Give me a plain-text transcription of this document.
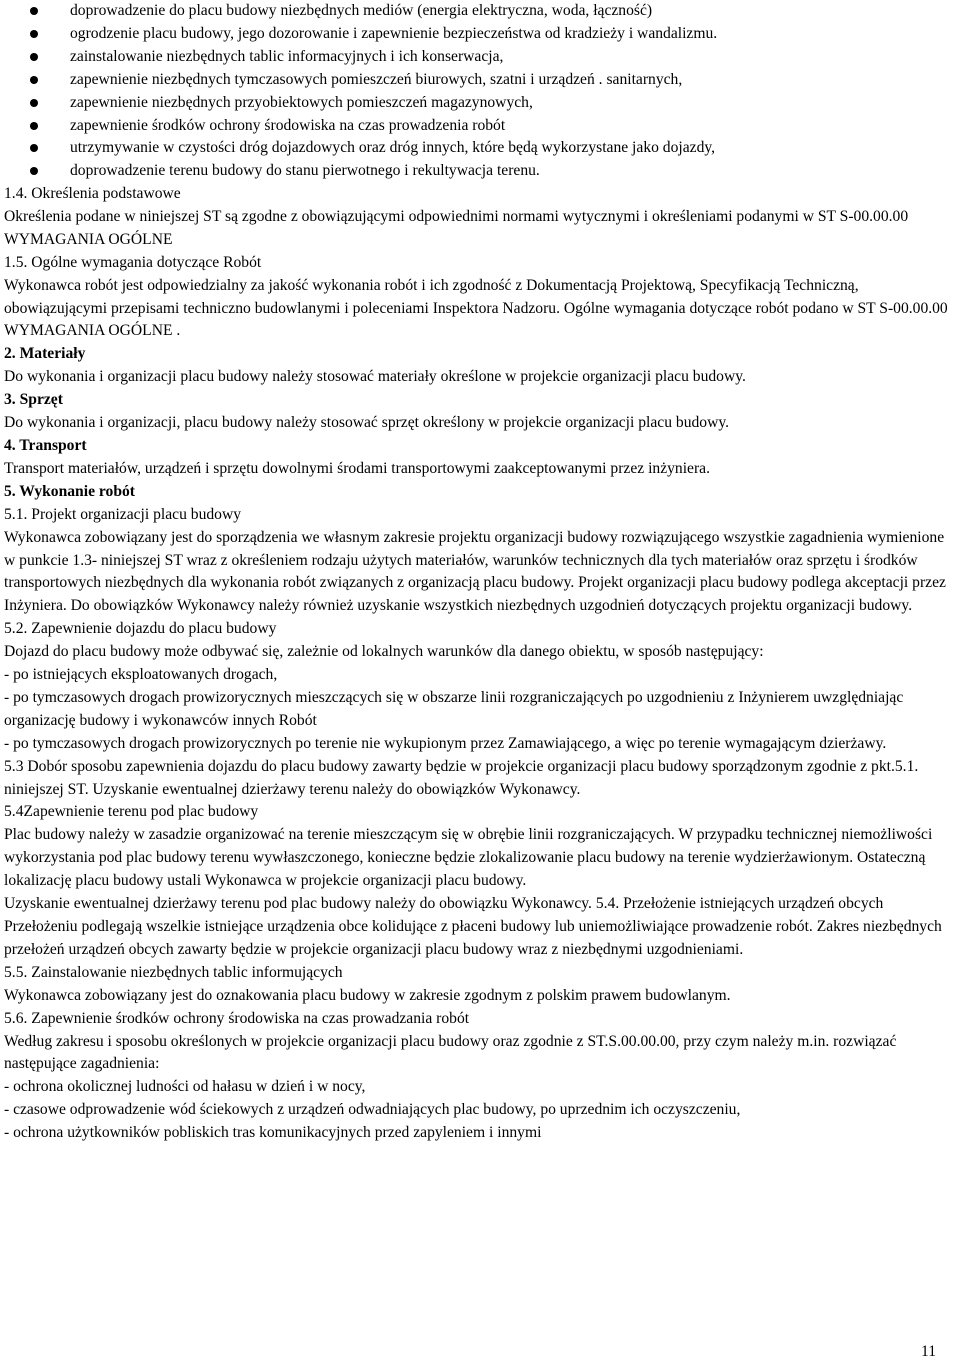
doprowadzenie do placu budowy niezbędnych mediów (energia elektryczna, woda, łączność)
ogrodzenie placu budowy, jego dozorowanie i zapewnienie bezpieczeństwa od kradzieży i wandalizmu.
zainstalowanie niezbędnych tablic informacyjnych i ich konserwacja,
zapewnienie niezbędnych tymczasowych pomieszczeń biurowych, szatni i urządzeń . sanitarnych,
zapewnienie niezbędnych przyobiektowych pomieszczeń magazynowych,
zapewnienie środków ochrony środowiska na czas prowadzenia robót
utrzymywanie w czystości dróg dojazdowych oraz dróg innych, które będą wykorzystane jako dojazdy,
doprowadzenie terenu budowy do stanu pierwotnego i rekultywacja terenu.

1.4. Określenia podstawowe

Określenia podane w niniejszej ST są zgodne z obowiązującymi odpowiednimi normami wytycznymi i określeniami podanymi w ST S-00.00.00 WYMAGANIA OGÓLNE

1.5. Ogólne wymagania dotyczące Robót

Wykonawca robót jest odpowiedzialny za jakość wykonania robót i ich zgodność z Dokumentacją Projektową, Specyfikacją Techniczną, obowiązującymi przepisami techniczno budowlanymi i poleceniami Inspektora Nadzoru. Ogólne wymagania dotyczące robót podano w ST S-00.00.00 WYMAGANIA OGÓLNE .

2. Materiały

Do wykonania i organizacji placu budowy należy stosować materiały określone w projekcie organizacji placu budowy.

3. Sprzęt

Do wykonania i organizacji, placu budowy należy stosować sprzęt określony w projekcie organizacji placu budowy.

4. Transport

Transport materiałów, urządzeń i sprzętu dowolnymi środami transportowymi zaakceptowanymi przez inżyniera.

5. Wykonanie robót

5.1. Projekt organizacji placu budowy

Wykonawca zobowiązany jest do sporządzenia we własnym zakresie projektu organizacji budowy rozwiązującego wszystkie zagadnienia wymienione w punkcie 1.3- niniejszej ST wraz z określeniem rodzaju użytych materiałów, warunków technicznych dla tych materiałów oraz sprzętu i środków transportowych niezbędnych dla wykonania robót związanych z organizacją placu budowy. Projekt organizacji placu budowy podlega akceptacji przez Inżyniera. Do obowiązków Wykonawcy należy również uzyskanie wszystkich niezbędnych uzgodnień dotyczących projektu organizacji budowy.

5.2. Zapewnienie dojazdu do placu budowy

Dojazd do placu budowy może odbywać się, zależnie od lokalnych warunków dla danego obiektu, w sposób następujący:

- po istniejących eksploatowanych drogach,

- po tymczasowych drogach prowizorycznych mieszczących się w obszarze linii rozgraniczających po uzgodnieniu z Inżynierem uwzględniając organizację budowy i wykonawców innych Robót

- po tymczasowych drogach prowizorycznych po terenie nie wykupionym przez Zamawiającego, a więc po terenie wymagającym dzierżawy.

5.3 Dobór sposobu zapewnienia dojazdu do placu budowy zawarty będzie w projekcie organizacji placu budowy sporządzonym zgodnie z pkt.5.1. niniejszej ST. Uzyskanie ewentualnej dzierżawy terenu należy do obowiązków Wykonawcy.

5.4Zapewnienie terenu pod plac budowy

Plac budowy należy w zasadzie organizować na terenie mieszczącym się w obrębie linii rozgraniczających. W przypadku technicznej niemożliwości wykorzystania pod plac budowy terenu wywłaszczonego, konieczne będzie zlokalizowanie placu budowy na terenie wydzierżawionym. Ostateczną lokalizację placu budowy ustali Wykonawca w projekcie organizacji placu budowy.

Uzyskanie ewentualnej dzierżawy terenu pod plac budowy należy do obowiązku Wykonawcy. 5.4. Przełożenie istniejących urządzeń obcych

Przełożeniu podlegają wszelkie istniejące urządzenia obce kolidujące z płaceni budowy lub uniemożliwiające prowadzenie robót. Zakres niezbędnych przełożeń urządzeń obcych zawarty będzie w projekcie organizacji placu budowy wraz z niezbędnymi uzgodnieniami.

5.5. Zainstalowanie niezbędnych tablic informujących

Wykonawca zobowiązany jest do oznakowania placu budowy w zakresie zgodnym z polskim prawem budowlanym.

5.6. Zapewnienie środków ochrony środowiska na czas prowadzania robót

Według zakresu i sposobu określonych w projekcie organizacji placu budowy oraz zgodnie z ST.S.00.00.00, przy czym należy m.in. rozwiązać następujące zagadnienia:

- ochrona okolicznej ludności od hałasu w dzień i w nocy,

- czasowe odprowadzenie wód ściekowych z urządzeń odwadniających plac budowy, po uprzednim ich oczyszczeniu,

- ochrona użytkowników pobliskich tras komunikacyjnych przed zapyleniem i innymi

11
